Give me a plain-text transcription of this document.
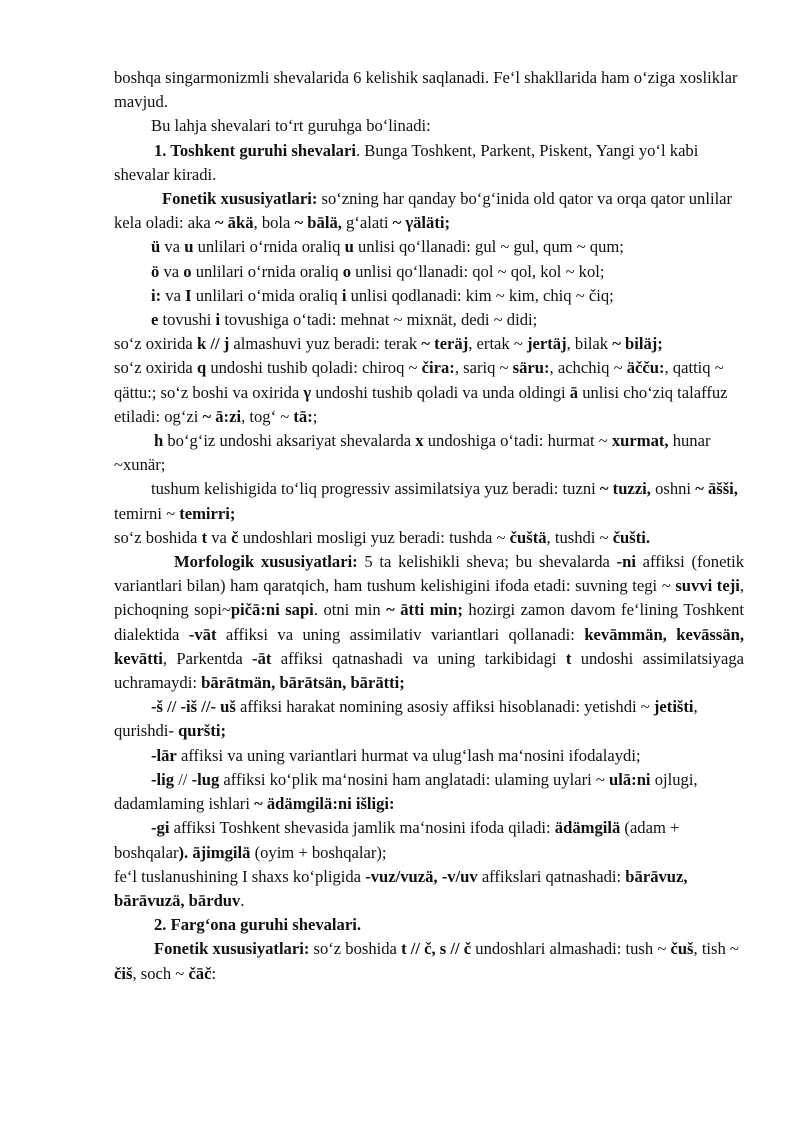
boshqa singarmonizmli shevalarida 6 kelishik saqlanadi. Fe‘l shakllarida ham o‘ziga xosliklar mavjud.

Bu lahja shevalari to‘rt guruhga bo‘linadi:

1. Toshkent guruhi shevalari. Bunga Toshkent, Parkent, Piskent, Yangi yo‘l kabi shevalar kiradi.

Fonetik xususiyatlari: so‘zning har qanday bo‘g‘inida old qator va orqa qator unlilar kela oladi: aka ~ ākä, bola ~ bālä, g‘alati ~ γäläti;

ü va u unlilari o‘rnida oraliq u unlisi qo‘llanadi: gul ~ gul, qum ~ qum;

ö va o unlilari o‘rnida oraliq o unlisi qo‘llanadi: qol ~ qol, kol ~ kol;

i: va I unlilari o‘mida oraliq i unlisi qodlanadi: kim ~ kim, chiq ~ čiq;

e tovushi i tovushiga o‘tadi: mehnat ~ mixnät, dedi ~ didi;

so‘z oxirida k // j almashuvi yuz beradi: terak ~ teräj, ertak ~ jertäj, bilak ~ biläj;

so‘z oxirida q undoshi tushib qoladi: chiroq ~ čira:, sariq ~ säru:, achchiq ~ äčču:, qattiq ~ qättu:; so‘z boshi va oxirida γ undoshi tushib qoladi va unda oldingi ā unlisi cho‘ziq talaffuz etiladi: og‘zi ~ ā:zi, tog‘ ~ tā:;

h bo‘g‘iz undoshi aksariyat shevalarda x undoshiga o‘tadi: hurmat ~ xurmat, hunar ~xunär;

tushum kelishigida to‘liq progressiv assimilatsiya yuz beradi: tuzni ~ tuzzi, oshni ~ āšši, temirni ~ temirri;

so‘z boshida t va č undoshlari mosligi yuz beradi: tushda ~ čuštä, tushdi ~ čušti.

Morfologik xususiyatlari: 5 ta kelishikli sheva; bu shevalarda -ni affiksi (fonetik variantlari bilan) ham qaratqich, ham tushum kelishigini ifoda etadi: suvning tegi ~ suvvi teji, pichoqning sopi~pičā:ni sapi. otni min ~ ātti min; hozirgi zamon davom fe‘lining Toshkent dialektida -vāt affiksi va uning assimilativ variantlari qollanadi: kevāmmän, kevāssän, kevātti, Parkentda -āt affiksi qatnashadi va uning tarkibidagi t undoshi assimilatsiyaga uchramaydi: bārātmän, bārātsän, bārātti;

-š // -iš //- uš affiksi harakat nomining asosiy affiksi hisoblanadi: yetishdi ~ jetišti, qurishdi- quršti;

-lār affiksi va uning variantlari hurmat va ulug‘lash ma‘nosini ifodalaydi;

-lig // -lug affiksi ko‘plik ma‘nosini ham anglatadi: ulaming uylari ~ ulā:ni ojlugi, dadamlaming ishlari ~ ädämgilä:ni išligi:

-gi affiksi Toshkent shevasida jamlik ma‘nosini ifoda qiladi: ädämgilä (adam + boshqalar). ājimgilä (oyim + boshqalar);

fe‘l tuslanushining I shaxs ko‘pligida -vuz/vuzä, -v/uv affikslari qatnashadi: bārāvuz, bārāvuzä, bārduv.

2. Farg‘ona guruhi shevalari.

Fonetik xususiyatlari: so‘z boshida t // č, s // č undoshlari almashadi: tush ~ čuš, tish ~ čiš, soch ~ čāč:
